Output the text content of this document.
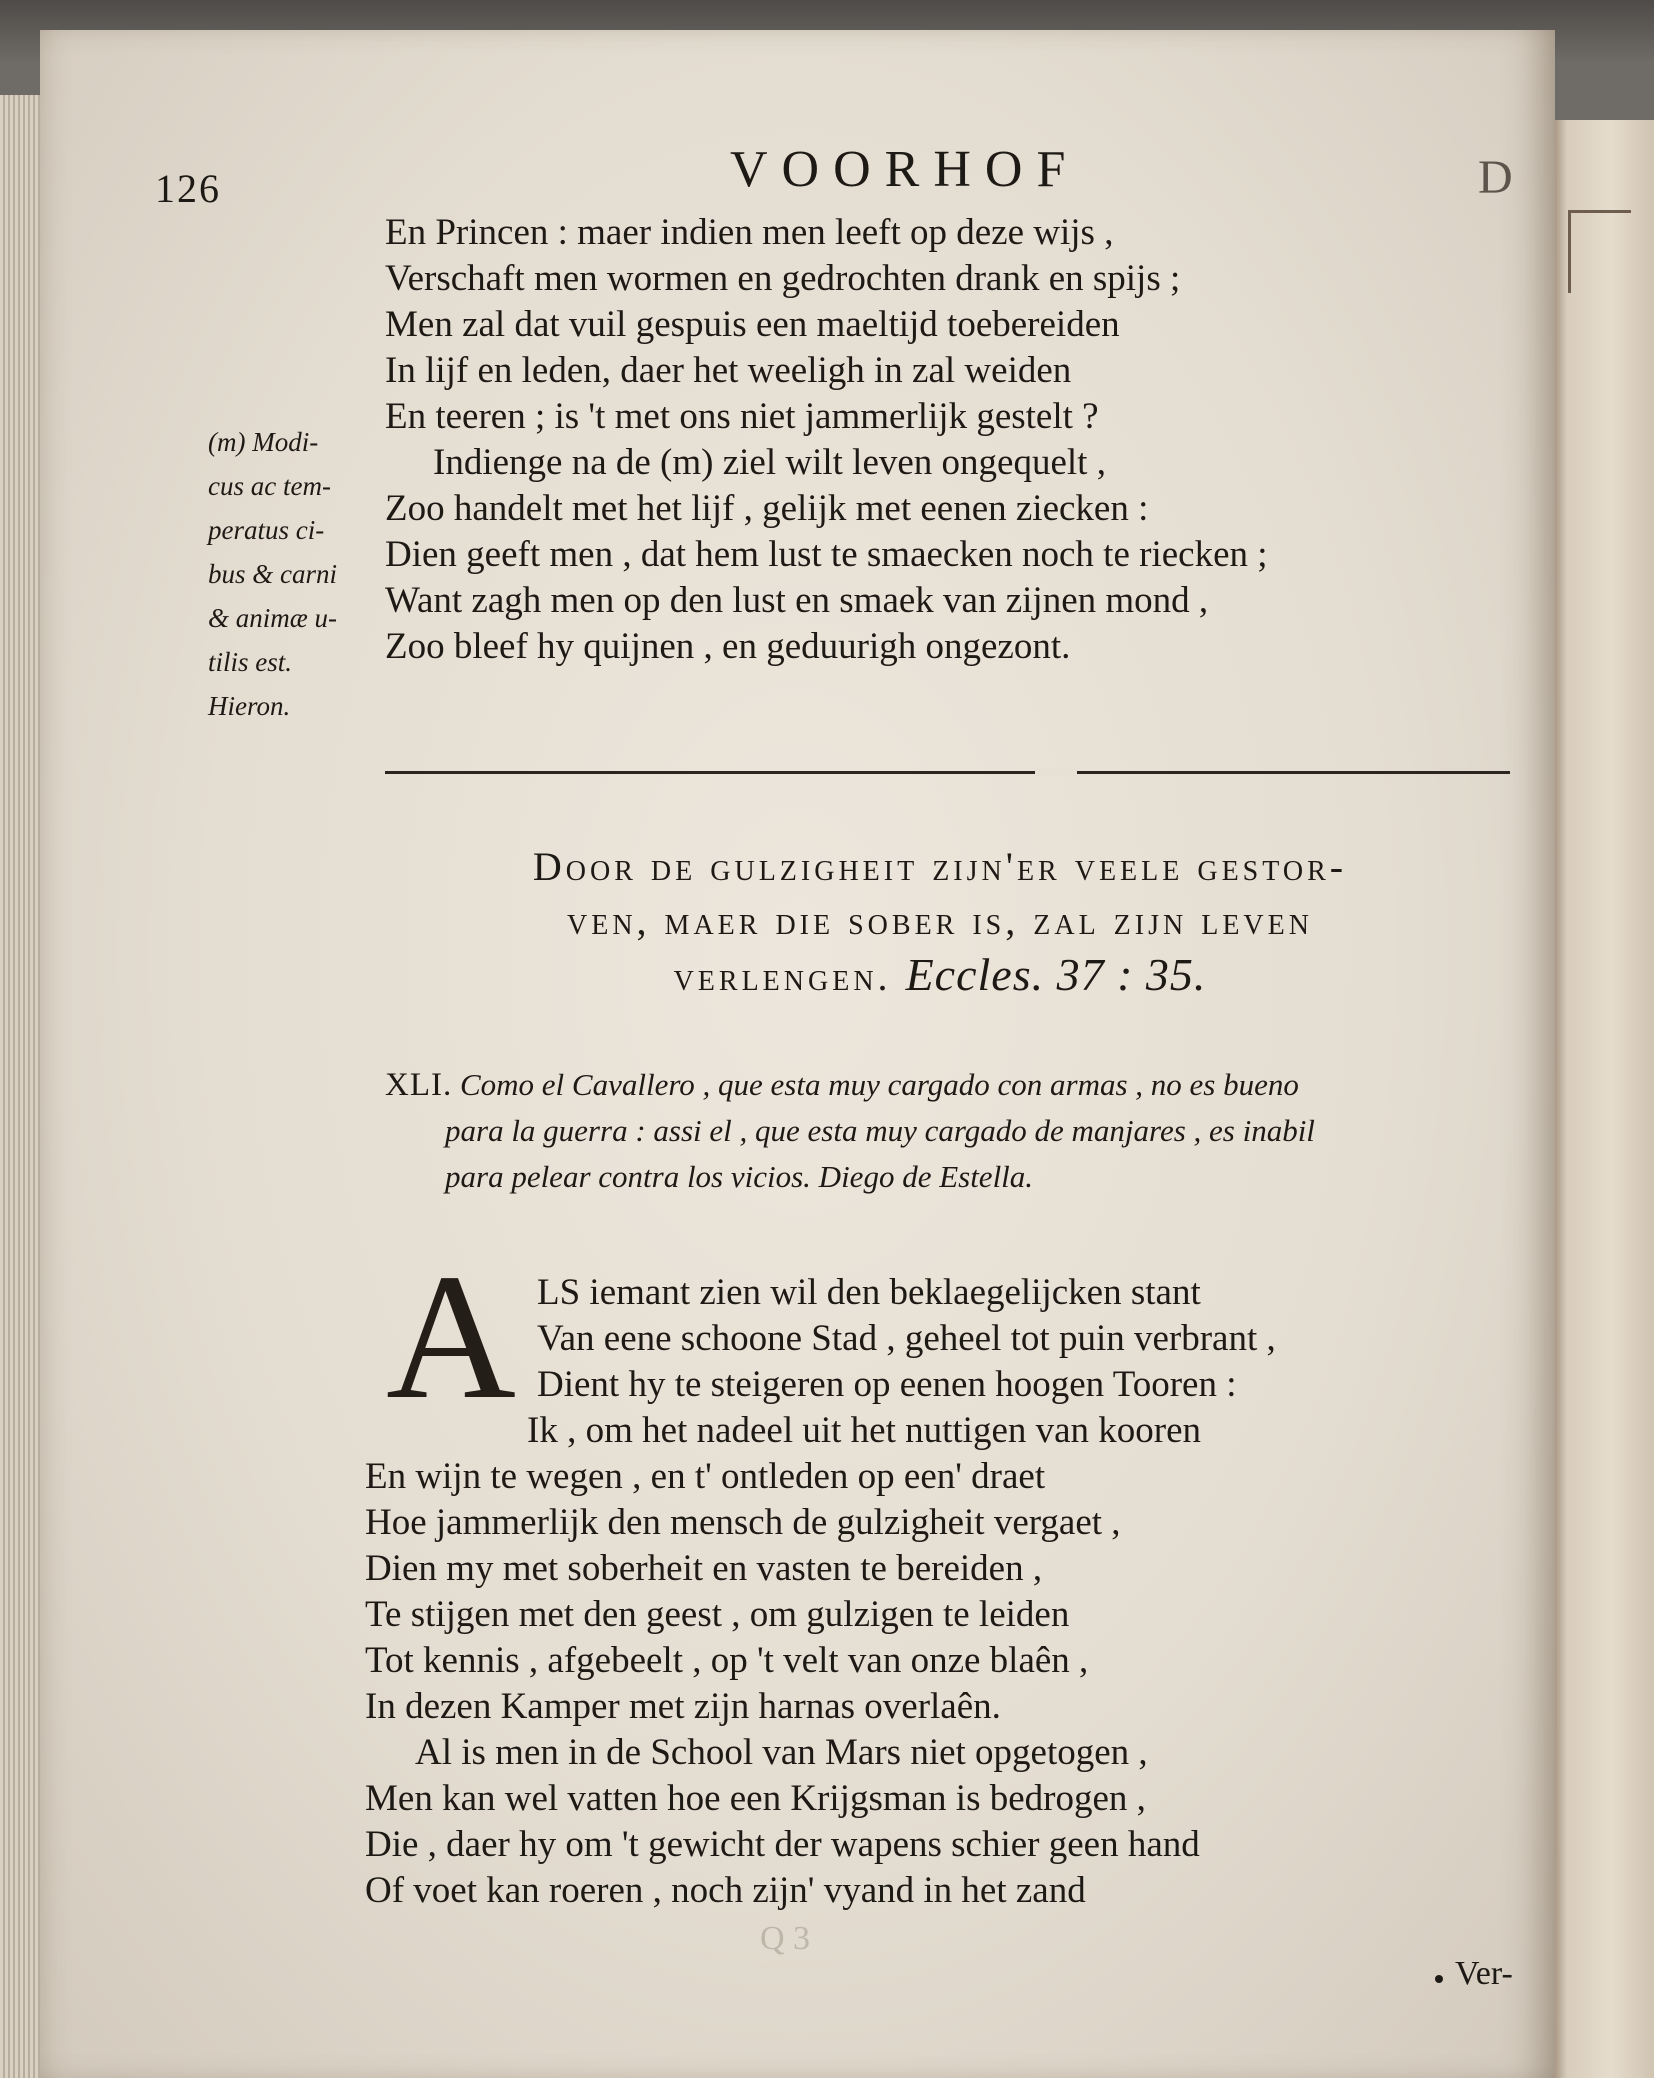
126	VOORHOF	D
En Princen : maer indien men leeft op deze wijs ,
Verschaft men wormen en gedrochten drank en spijs ;
Men zal dat vuil gespuis een maeltijd toebereiden
In lijf en leden, daer het weeligh in zal weiden
En teeren ; is 't met ons niet jammerlijk gestelt ?
Indienge na de (m) ziel wilt leven ongequelt ,
Zoo handelt met het lijf , gelijk met eenen ziecken :
Dien geeft men , dat hem lust te smaecken noch te riecken ;
Want zagh men op den lust en smaek van zijnen mond ,
Zoo bleef hy quijnen , en geduurigh ongezont.
(m) Modi-
cus ac tem-
peratus ci-
bus & carni
& animæ u-
tilis est.
Hieron.
Door de gulzigheit zijn'er veele gestor-
ven, maer die sober is, zal zijn leven
verlengen. Eccles. 37 : 35.
XLI. Como el Cavallero , que esta muy cargado con armas , no es bueno
para la guerra : assi el , que esta muy cargado de manjares , es inabil
para pelear contra los vicios. Diego de Estella.
A LS iemant zien wil den beklaegelijcken stant
Van eene schoone Stad , geheel tot puin verbrant ,
Dient hy te steigeren op eenen hoogen Tooren :
Ik , om het nadeel uit het nuttigen van kooren
En wijn te wegen , en t' ontleden op een' draet
Hoe jammerlijk den mensch de gulzigheit vergaet ,
Dien my met soberheit en vasten te bereiden ,
Te stijgen met den geest , om gulzigen te leiden
Tot kennis , afgebeelt , op 't velt van onze blaên ,
In dezen Kamper met zijn harnas overlaên.
Al is men in de School van Mars niet opgetogen ,
Men kan wel vatten hoe een Krijgsman is bedrogen ,
Die , daer hy om 't gewicht der wapens schier geen hand
Of voet kan roeren , noch zijn' vyand in het zand
Q 3
Ver-
